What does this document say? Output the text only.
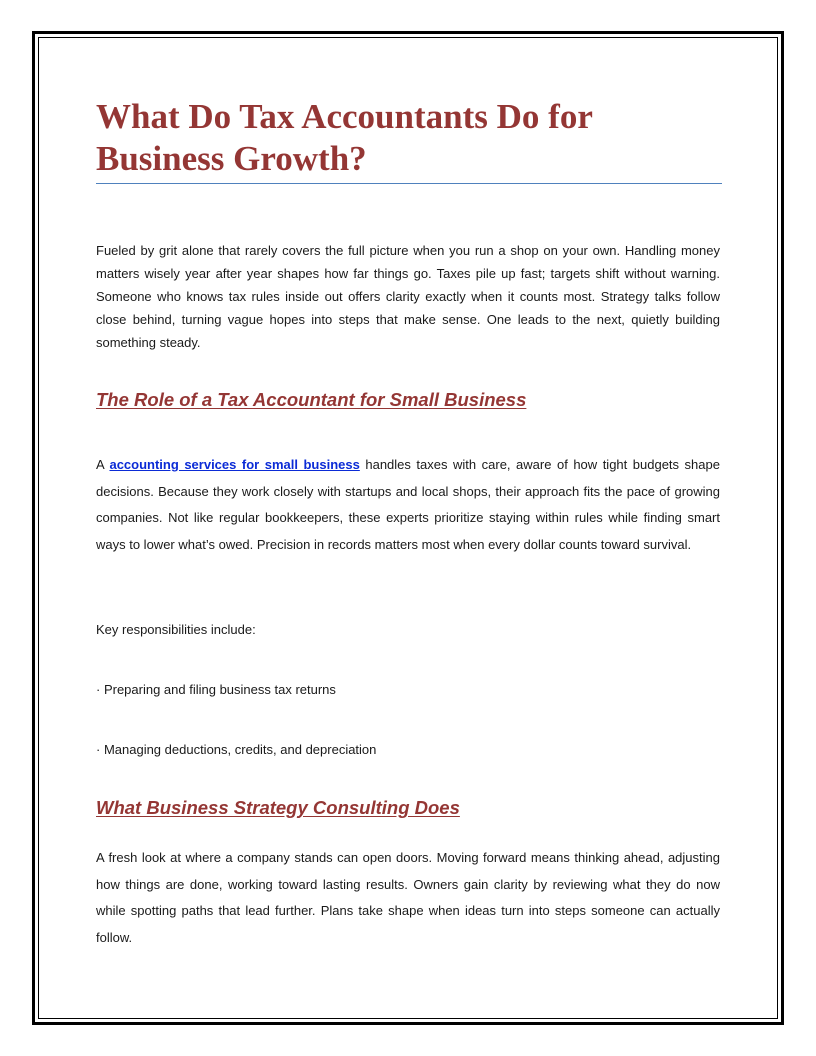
What Do Tax Accountants Do for Business Growth?

Fueled by grit alone that rarely covers the full picture when you run a shop on your own. Handling money matters wisely year after year shapes how far things go. Taxes pile up fast; targets shift without warning. Someone who knows tax rules inside out offers clarity exactly when it counts most. Strategy talks follow close behind, turning vague hopes into steps that make sense. One leads to the next, quietly building something steady.

The Role of a Tax Accountant for Small Business

A accounting services for small business handles taxes with care, aware of how tight budgets shape decisions. Because they work closely with startups and local shops, their approach fits the pace of growing companies. Not like regular bookkeepers, these experts prioritize staying within rules while finding smart ways to lower what’s owed. Precision in records matters most when every dollar counts toward survival.

Key responsibilities include:

· Preparing and filing business tax returns

· Managing deductions, credits, and depreciation

What Business Strategy Consulting Does

A fresh look at where a company stands can open doors. Moving forward means thinking ahead, adjusting how things are done, working toward lasting results. Owners gain clarity by reviewing what they do now while spotting paths that lead further. Plans take shape when ideas turn into steps someone can actually follow.
